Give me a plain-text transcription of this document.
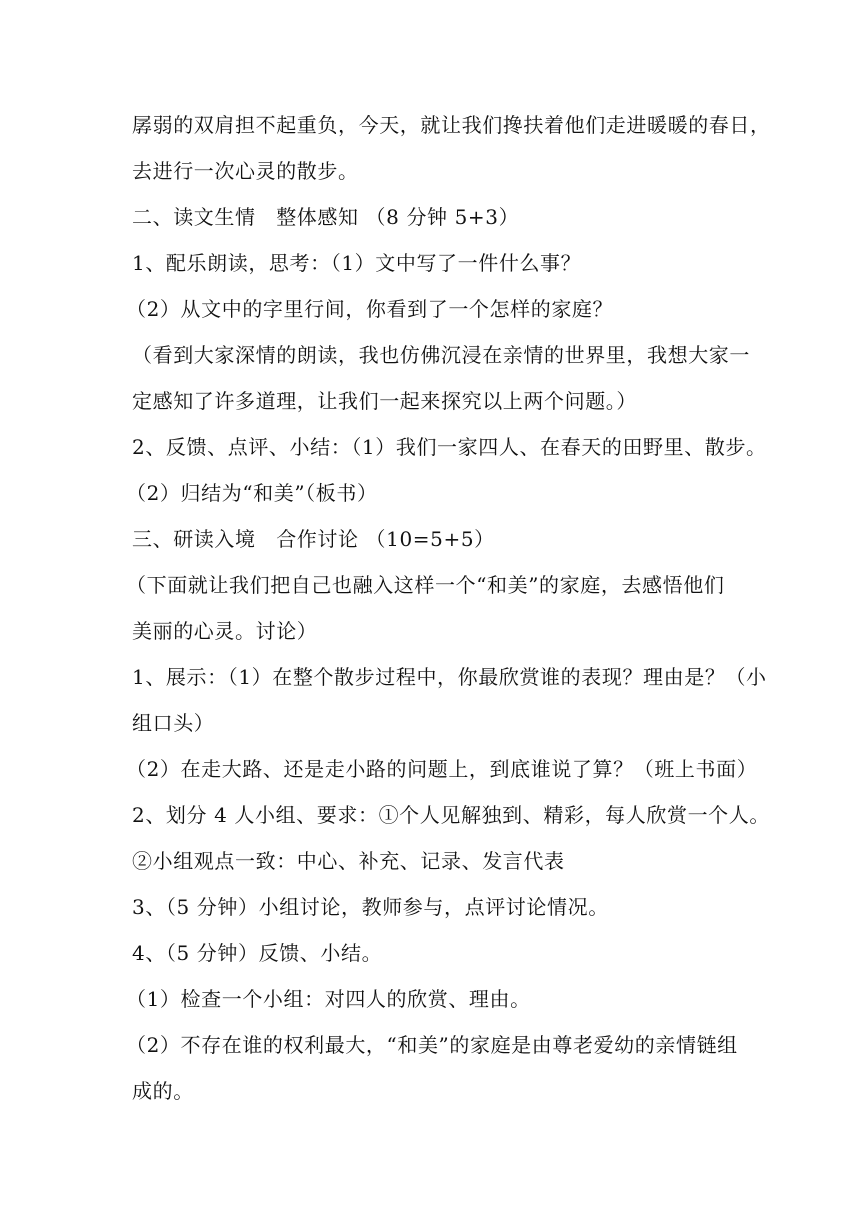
孱弱的双肩担不起重负，今天，就让我们搀扶着他们走进暖暖的春日，
去进行一次心灵的散步。
二、读文生情　整体感知 （8 分钟 5+3）
1、配乐朗读，思考：（1）文中写了一件什么事？
（2）从文中的字里行间，你看到了一个怎样的家庭？
（看到大家深情的朗读，我也仿佛沉浸在亲情的世界里，我想大家一
定感知了许多道理，让我们一起来探究以上两个问题。）
2、反馈、点评、小结：（1）我们一家四人、在春天的田野里、散步。
（2）归结为“和美”（板书）
三、研读入境　合作讨论 （10=5+5）
（下面就让我们把自己也融入这样一个“和美”的家庭，去感悟他们
美丽的心灵。讨论）
1、展示：（1）在整个散步过程中，你最欣赏谁的表现？理由是？（小
组口头）
（2）在走大路、还是走小路的问题上，到底谁说了算？（班上书面）
2、划分 4 人小组、要求：①个人见解独到、精彩，每人欣赏一个人。
②小组观点一致：中心、补充、记录、发言代表
3、（5 分钟）小组讨论，教师参与，点评讨论情况。
4、（5 分钟）反馈、小结。
（1）检查一个小组：对四人的欣赏、理由。
（2）不存在谁的权利最大，“和美”的家庭是由尊老爱幼的亲情链组
成的。
